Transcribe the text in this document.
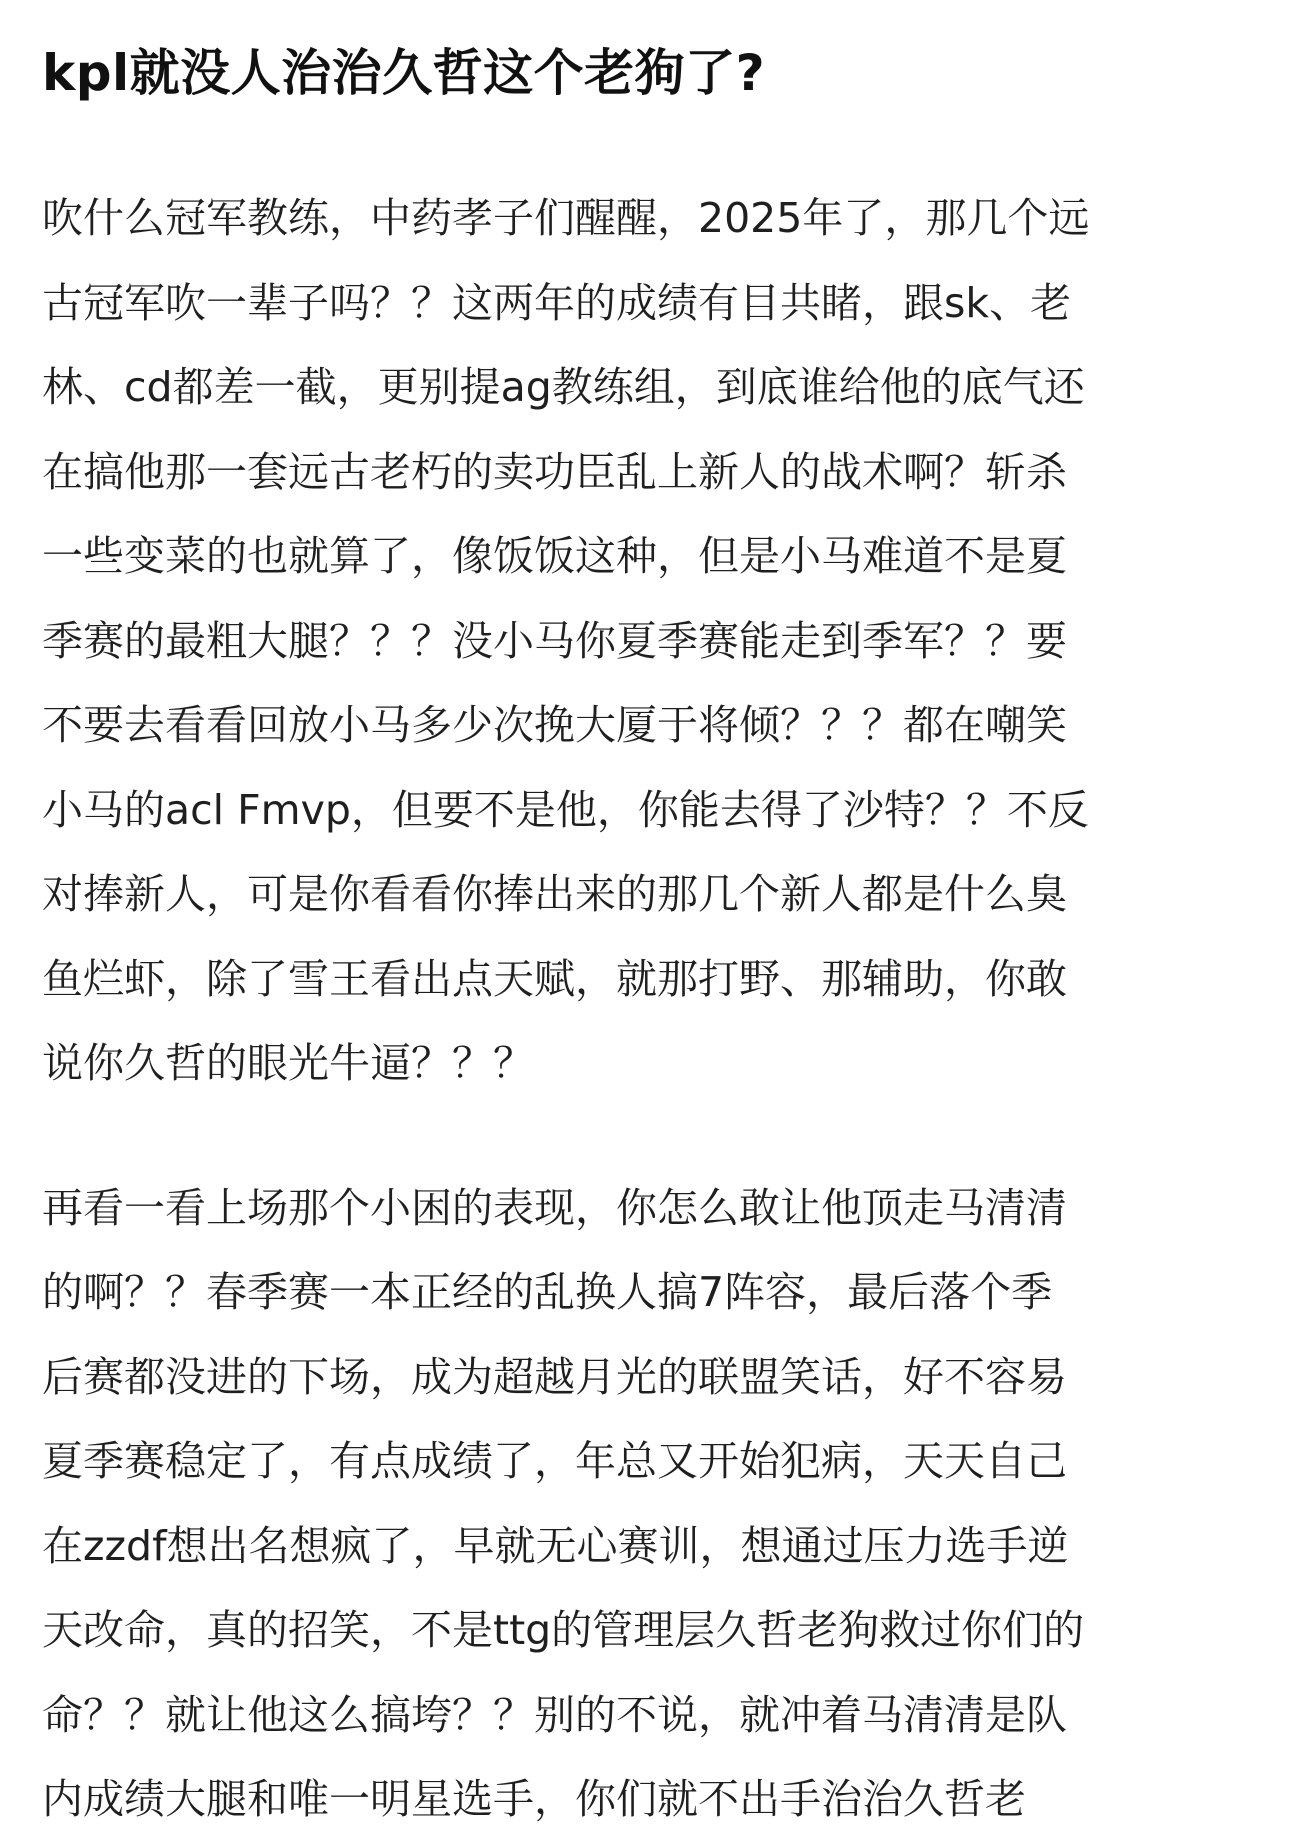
kpl就没人治治久哲这个老狗了?
吹什么冠军教练，中药孝子们醒醒，2025年了，那几个远
古冠军吹一辈子吗？？这两年的成绩有目共睹，跟sk、老
林、cd都差一截，更别提ag教练组，到底谁给他的底气还
在搞他那一套远古老朽的卖功臣乱上新人的战术啊？斩杀
一些变菜的也就算了，像饭饭这种，但是小马难道不是夏
季赛的最粗大腿？？？没小马你夏季赛能走到季军？？要
不要去看看回放小马多少次挽大厦于将倾？？？都在嘲笑
小马的acl Fmvp，但要不是他，你能去得了沙特？？不反
对捧新人，可是你看看你捧出来的那几个新人都是什么臭
鱼烂虾，除了雪王看出点天赋，就那打野、那辅助，你敢
说你久哲的眼光牛逼？？？
再看一看上场那个小困的表现，你怎么敢让他顶走马清清
的啊？？春季赛一本正经的乱换人搞7阵容，最后落个季
后赛都没进的下场，成为超越月光的联盟笑话，好不容易
夏季赛稳定了，有点成绩了，年总又开始犯病，天天自己
在zzdf想出名想疯了，早就无心赛训，想通过压力选手逆
天改命，真的招笑，不是ttg的管理层久哲老狗救过你们的
命？？就让他这么搞垮？？别的不说，就冲着马清清是队
内成绩大腿和唯一明星选手，你们就不出手治治久哲老
